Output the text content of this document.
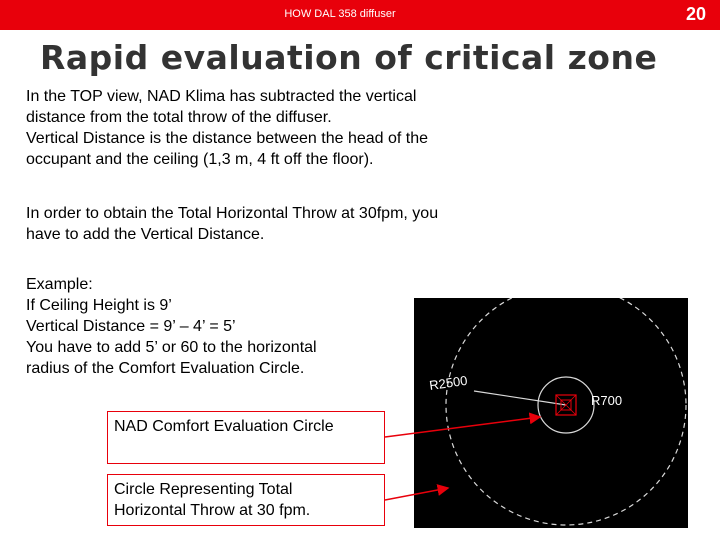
HOW DAL 358 diffuser	20
Rapid evaluation of critical zone
In the TOP view, NAD Klima has subtracted the vertical
distance from the total throw of the diffuser.
Vertical Distance is the distance between the head of the
occupant and the ceiling (1,3 m, 4 ft off the floor).
In order to obtain the Total Horizontal Throw at 30fpm, you
have to add the Vertical Distance.
Example:
If Ceiling Height is 9’
Vertical Distance = 9’ – 4’ = 5’
You have to add 5’ or 60 to the horizontal
radius of the Comfort Evaluation Circle.
R2500
R700
NAD Comfort Evaluation Circle
Circle Representing Total
Horizontal Throw at 30 fpm.
